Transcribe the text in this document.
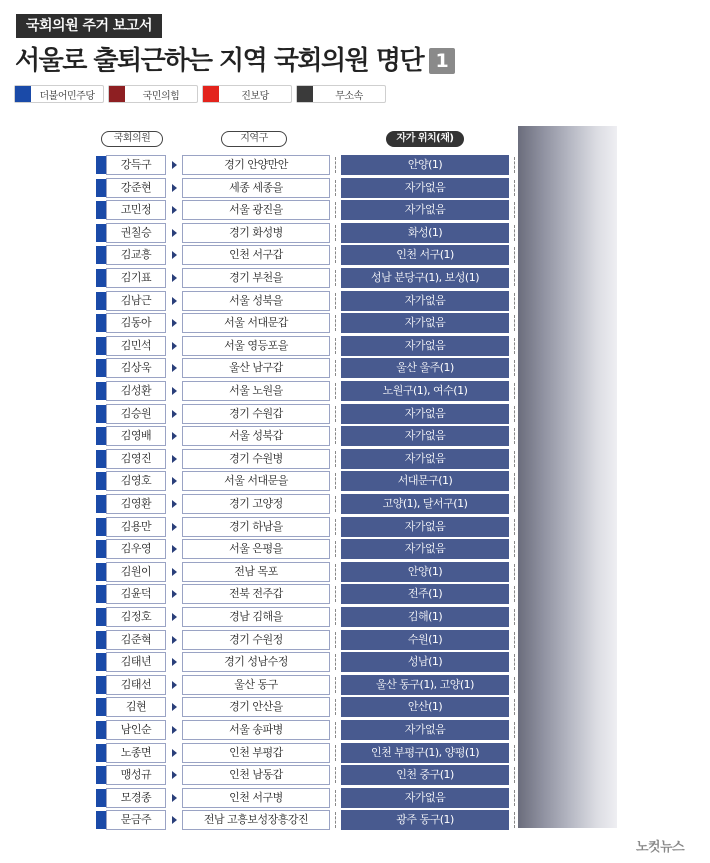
국회의원 주거 보고서
서울로 출퇴근하는 지역 국회의원 명단 1
더불어민주당	국민의힘	진보당	무소속
국회의원	지역구	자가 위치(채)
강득구	경기 안양만안	안양(1)
강준현	세종 세종을	자가없음
고민정	서울 광진을	자가없음
권칠승	경기 화성병	화성(1)
김교흥	인천 서구갑	인천 서구(1)
김기표	경기 부천을	성남 분당구(1), 보성(1)
김남근	서울 성북을	자가없음
김동아	서울 서대문갑	자가없음
김민석	서울 영등포을	자가없음
김상욱	울산 남구갑	울산 울주(1)
김성환	서울 노원을	노원구(1), 여수(1)
김승원	경기 수원갑	자가없음
김영배	서울 성북갑	자가없음
김영진	경기 수원병	자가없음
김영호	서울 서대문을	서대문구(1)
김영환	경기 고양정	고양(1), 달서구(1)
김용만	경기 하남을	자가없음
김우영	서울 은평을	자가없음
김원이	전남 목포	안양(1)
김윤덕	전북 전주갑	전주(1)
김정호	경남 김해을	김해(1)
김준혁	경기 수원정	수원(1)
김태년	경기 성남수정	성남(1)
김태선	울산 동구	울산 동구(1), 고양(1)
김현	경기 안산을	안산(1)
남인순	서울 송파병	자가없음
노종면	인천 부평갑	인천 부평구(1), 양평(1)
맹성규	인천 남동갑	인천 중구(1)
모경종	인천 서구병	자가없음
문금주	전남 고흥보성장흥강진	광주 동구(1)
노컷뉴스
